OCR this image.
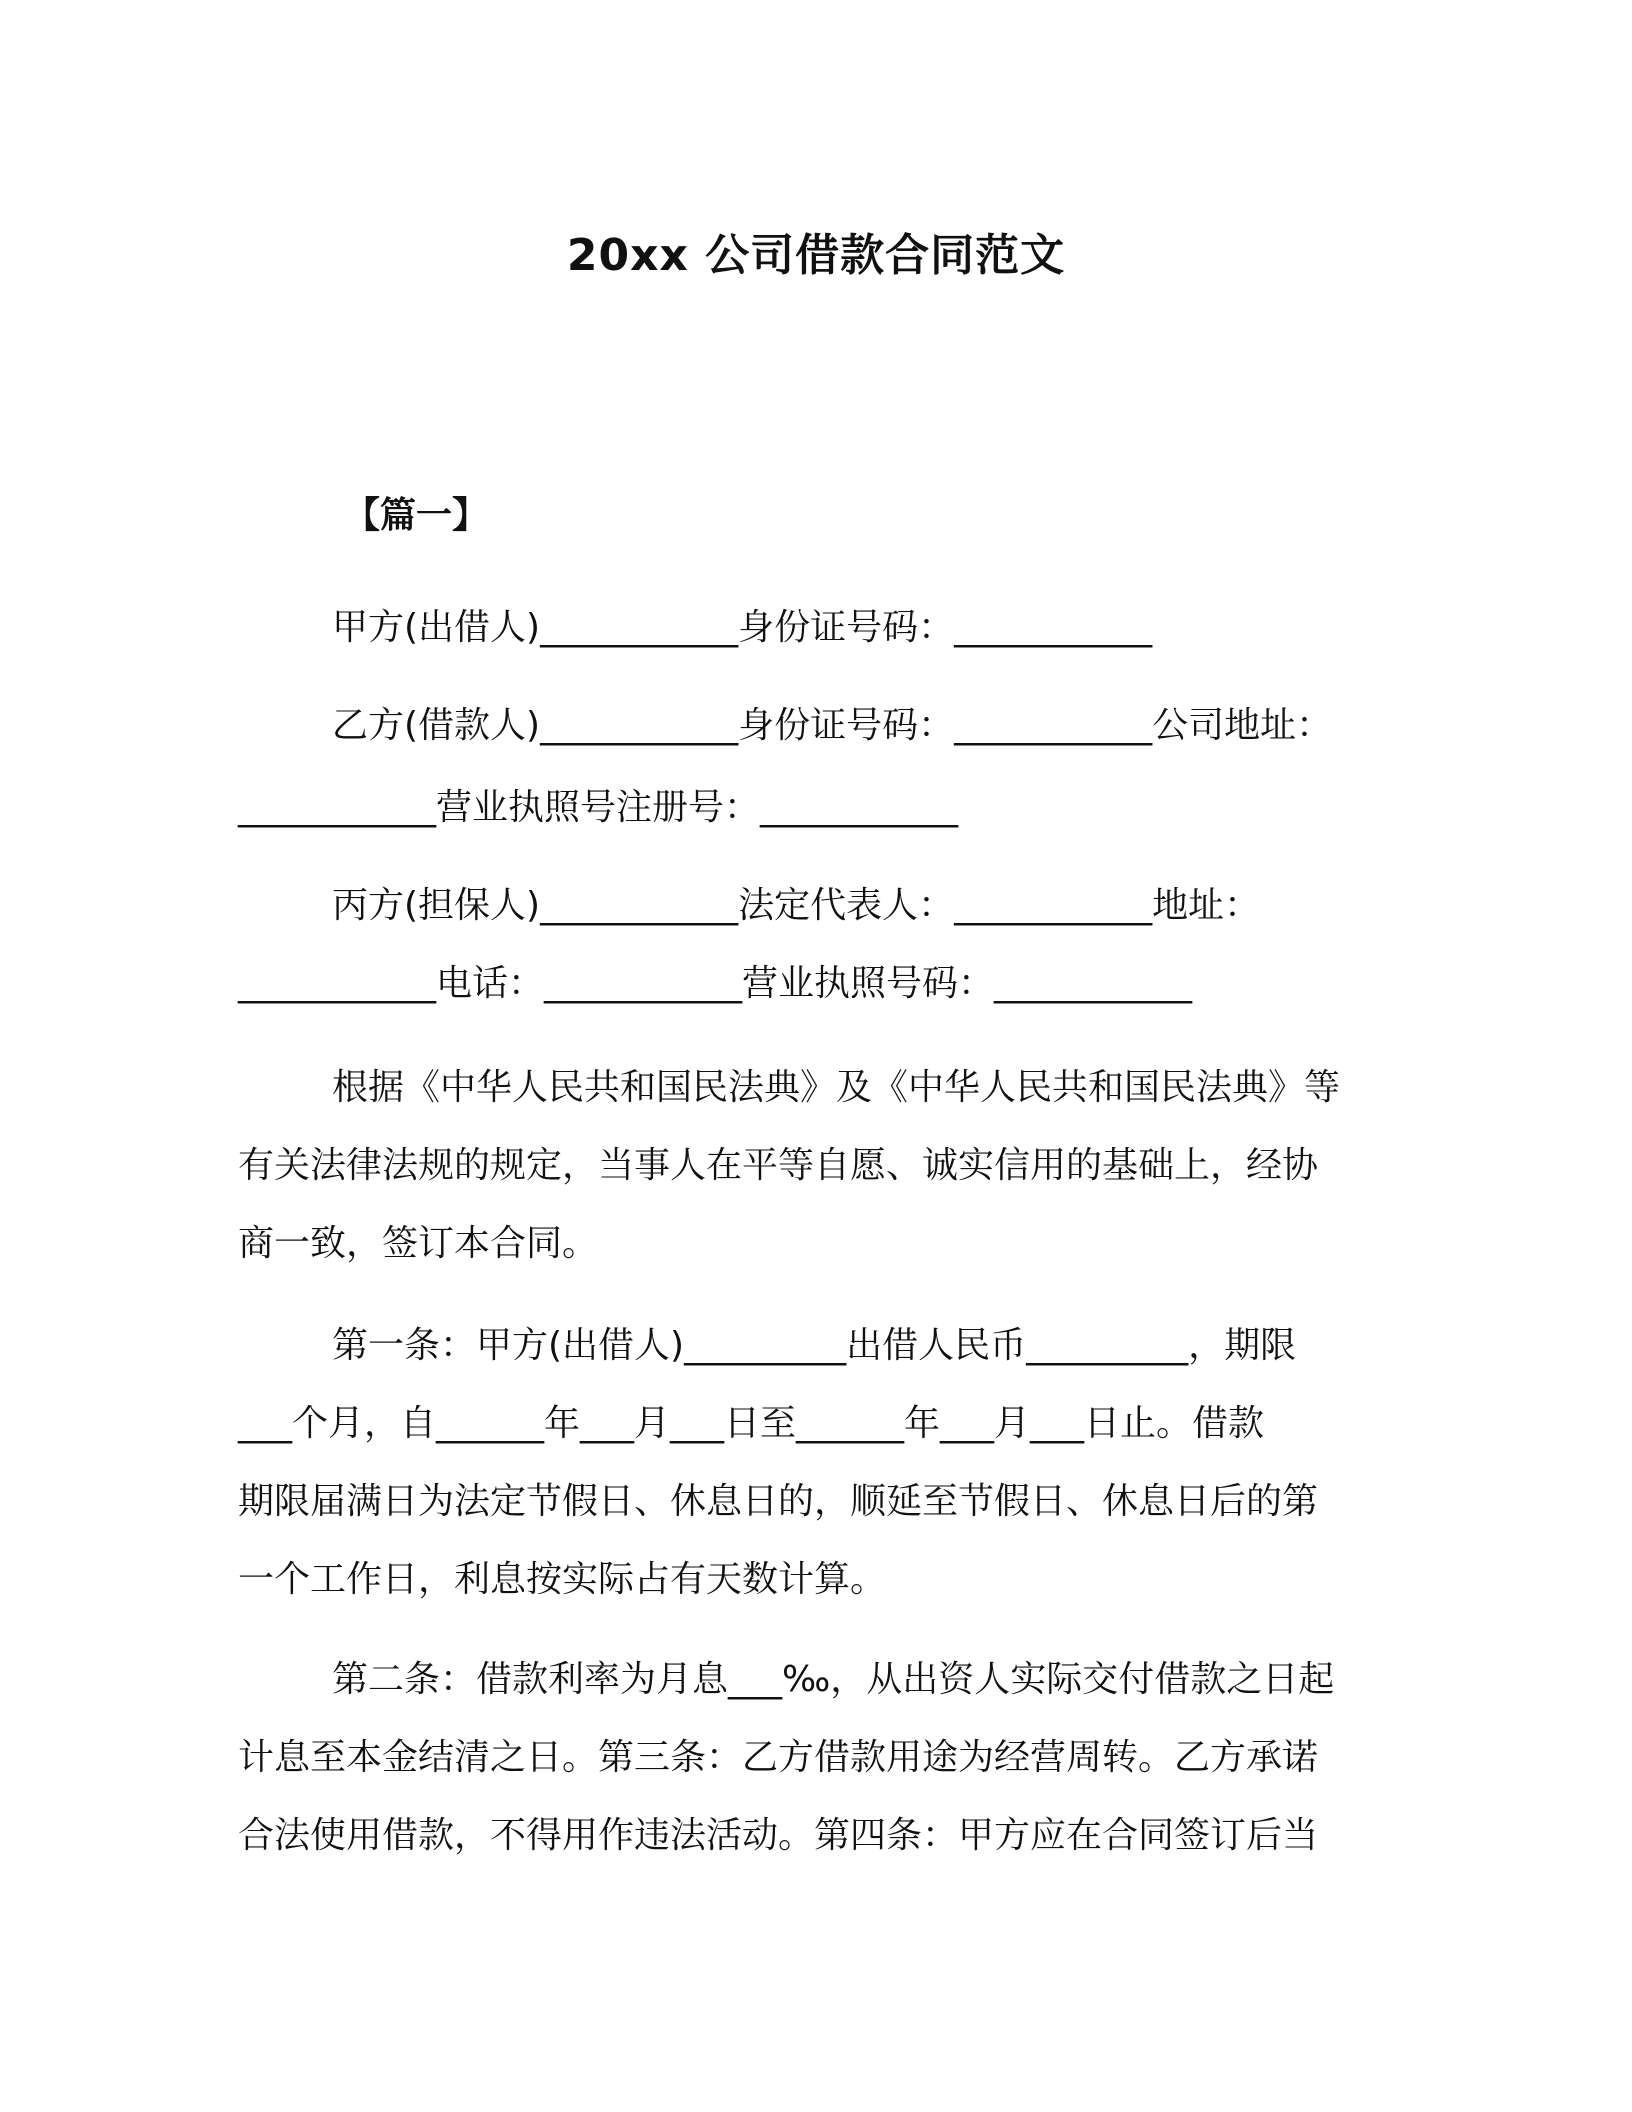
20xx 公司借款合同范文
【篇一】
甲方(出借人)___________身份证号码：___________
乙方(借款人)___________身份证号码：___________公司地址：
___________营业执照号注册号：___________
丙方(担保人)___________法定代表人：___________地址：
___________电话：___________营业执照号码：___________
根据《中华人民共和国民法典》及《中华人民共和国民法典》等
有关法律法规的规定，当事人在平等自愿、诚实信用的基础上，经协
商一致，签订本合同。
第一条：甲方(出借人)_________出借人民币_________，期限
___个月，自______年___月___日至______年___月___日止。借款
期限届满日为法定节假日、休息日的，顺延至节假日、休息日后的第
一个工作日，利息按实际占有天数计算。
第二条：借款利率为月息___‰，从出资人实际交付借款之日起
计息至本金结清之日。第三条：乙方借款用途为经营周转。乙方承诺
合法使用借款，不得用作违法活动。第四条：甲方应在合同签订后当
